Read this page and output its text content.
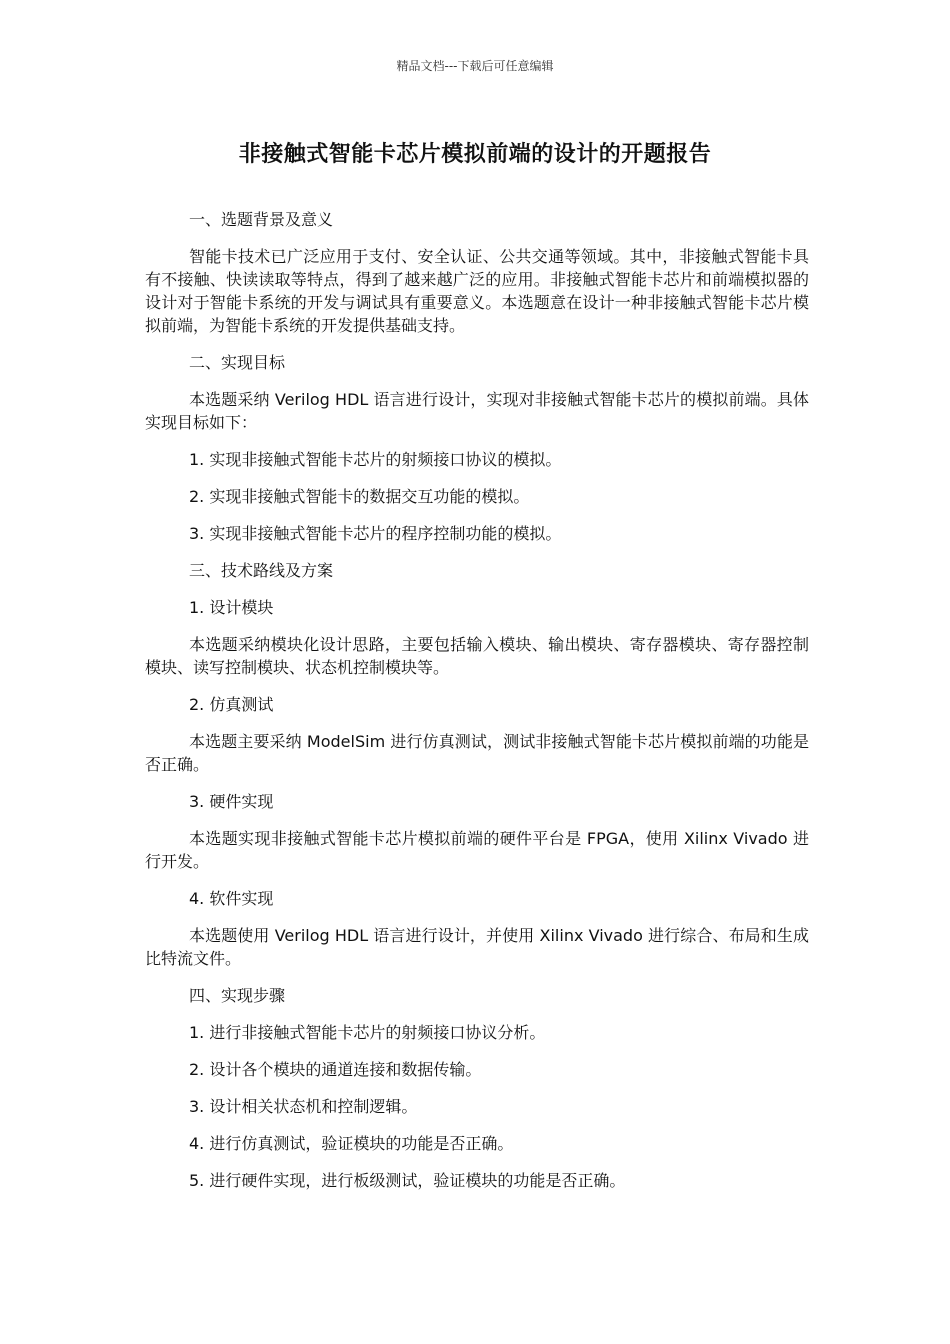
精品文档---下载后可任意编辑
非接触式智能卡芯片模拟前端的设计的开题报告

一、选题背景及意义

智能卡技术已广泛应用于支付、安全认证、公共交通等领域。其中，非接触式智能卡具有不接触、快读读取等特点，得到了越来越广泛的应用。非接触式智能卡芯片和前端模拟器的设计对于智能卡系统的开发与调试具有重要意义。本选题意在设计一种非接触式智能卡芯片模拟前端，为智能卡系统的开发提供基础支持。

二、实现目标

本选题采纳 Verilog HDL 语言进行设计，实现对非接触式智能卡芯片的模拟前端。具体实现目标如下：

1. 实现非接触式智能卡芯片的射频接口协议的模拟。

2. 实现非接触式智能卡的数据交互功能的模拟。

3. 实现非接触式智能卡芯片的程序控制功能的模拟。

三、技术路线及方案

1. 设计模块

本选题采纳模块化设计思路，主要包括输入模块、输出模块、寄存器模块、寄存器控制模块、读写控制模块、状态机控制模块等。

2. 仿真测试

本选题主要采纳 ModelSim 进行仿真测试，测试非接触式智能卡芯片模拟前端的功能是否正确。

3. 硬件实现

本选题实现非接触式智能卡芯片模拟前端的硬件平台是 FPGA，使用 Xilinx Vivado 进行开发。

4. 软件实现

本选题使用 Verilog HDL 语言进行设计，并使用 Xilinx Vivado 进行综合、布局和生成比特流文件。

四、实现步骤

1. 进行非接触式智能卡芯片的射频接口协议分析。

2. 设计各个模块的通道连接和数据传输。

3. 设计相关状态机和控制逻辑。

4. 进行仿真测试，验证模块的功能是否正确。

5. 进行硬件实现，进行板级测试，验证模块的功能是否正确。
